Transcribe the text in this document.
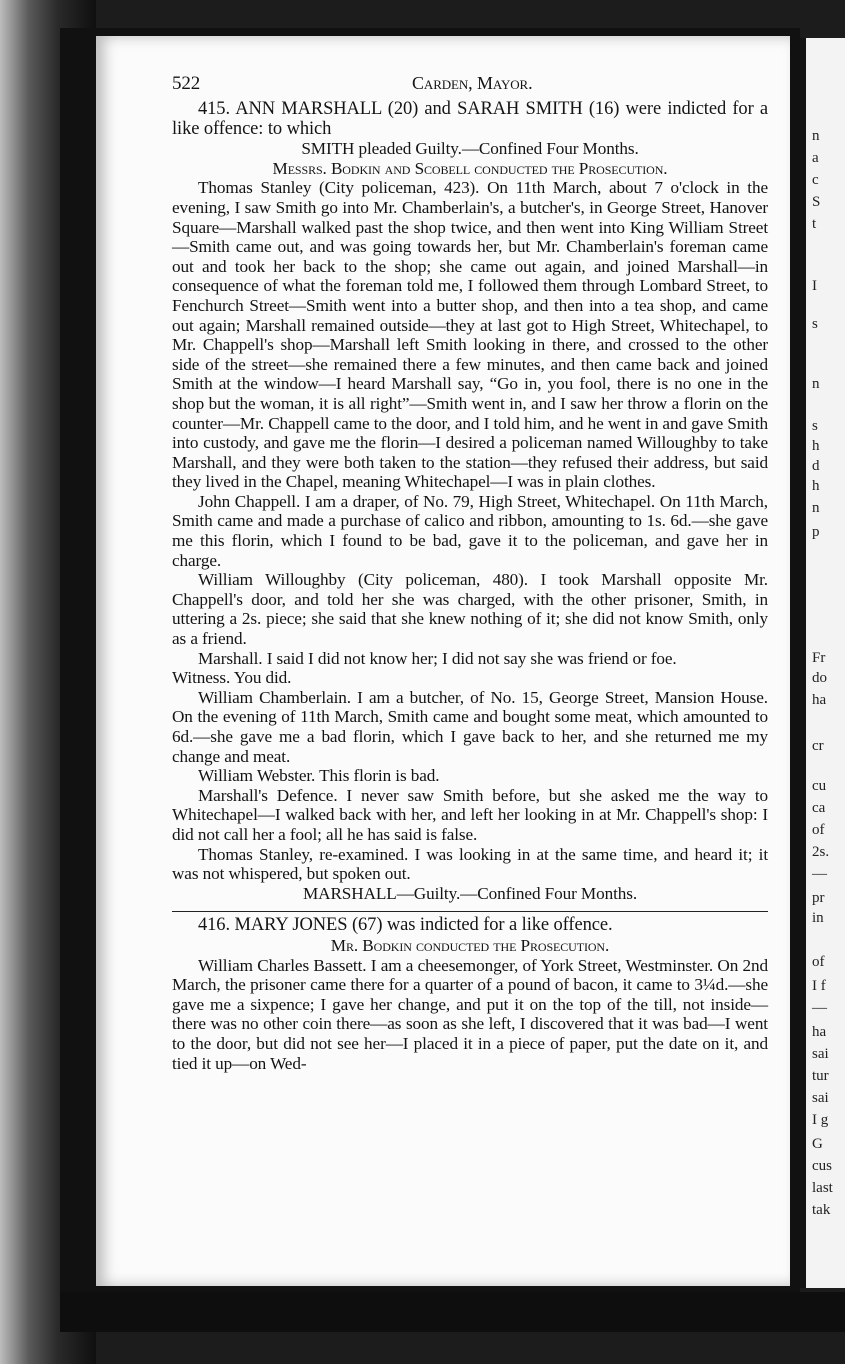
n
a
c
S
t
I
s
n
s
h
d
h
n
p
Fr
do
ha
cr
cu
ca
of
2s.
—
pr
in
of
I f
—
ha
sai
tur
sai
I g
G
cus
last
tak
522	Carden, Mayor.

415. ANN MARSHALL (20) and SARAH SMITH (16) were indicted for a like offence: to which

SMITH pleaded Guilty.—Confined Four Months.

Messrs. Bodkin and Scobell conducted the Prosecution.

Thomas Stanley (City policeman, 423). On 11th March, about 7 o'clock in the evening, I saw Smith go into Mr. Chamberlain's, a butcher's, in George Street, Hanover Square—Marshall walked past the shop twice, and then went into King William Street—Smith came out, and was going towards her, but Mr. Chamberlain's foreman came out and took her back to the shop; she came out again, and joined Marshall—in consequence of what the foreman told me, I followed them through Lombard Street, to Fenchurch Street—Smith went into a butter shop, and then into a tea shop, and came out again; Marshall remained outside—they at last got to High Street, Whitechapel, to Mr. Chappell's shop—Marshall left Smith looking in there, and crossed to the other side of the street—she remained there a few minutes, and then came back and joined Smith at the window—I heard Marshall say, “Go in, you fool, there is no one in the shop but the woman, it is all right”—Smith went in, and I saw her throw a florin on the counter—Mr. Chappell came to the door, and I told him, and he went in and gave Smith into custody, and gave me the florin—I desired a policeman named Willoughby to take Marshall, and they were both taken to the station—they refused their address, but said they lived in the Chapel, meaning Whitechapel—I was in plain clothes.

John Chappell. I am a draper, of No. 79, High Street, Whitechapel. On 11th March, Smith came and made a purchase of calico and ribbon, amounting to 1s. 6d.—she gave me this florin, which I found to be bad, gave it to the policeman, and gave her in charge.

William Willoughby (City policeman, 480). I took Marshall opposite Mr. Chappell's door, and told her she was charged, with the other prisoner, Smith, in uttering a 2s. piece; she said that she knew nothing of it; she did not know Smith, only as a friend.

Marshall. I said I did not know her; I did not say she was friend or foe.

Witness. You did.

William Chamberlain. I am a butcher, of No. 15, George Street, Mansion House. On the evening of 11th March, Smith came and bought some meat, which amounted to 6d.—she gave me a bad florin, which I gave back to her, and she returned me my change and meat.

William Webster. This florin is bad.

Marshall's Defence. I never saw Smith before, but she asked me the way to Whitechapel—I walked back with her, and left her looking in at Mr. Chappell's shop: I did not call her a fool; all he has said is false.

Thomas Stanley, re-examined. I was looking in at the same time, and heard it; it was not whispered, but spoken out.

MARSHALL—Guilty.—Confined Four Months.

416. MARY JONES (67) was indicted for a like offence.

Mr. Bodkin conducted the Prosecution.

William Charles Bassett. I am a cheesemonger, of York Street, Westminster. On 2nd March, the prisoner came there for a quarter of a pound of bacon, it came to 3¼d.—she gave me a sixpence; I gave her change, and put it on the top of the till, not inside—there was no other coin there—as soon as she left, I discovered that it was bad—I went to the door, but did not see her—I placed it in a piece of paper, put the date on it, and tied it up—on Wed-
